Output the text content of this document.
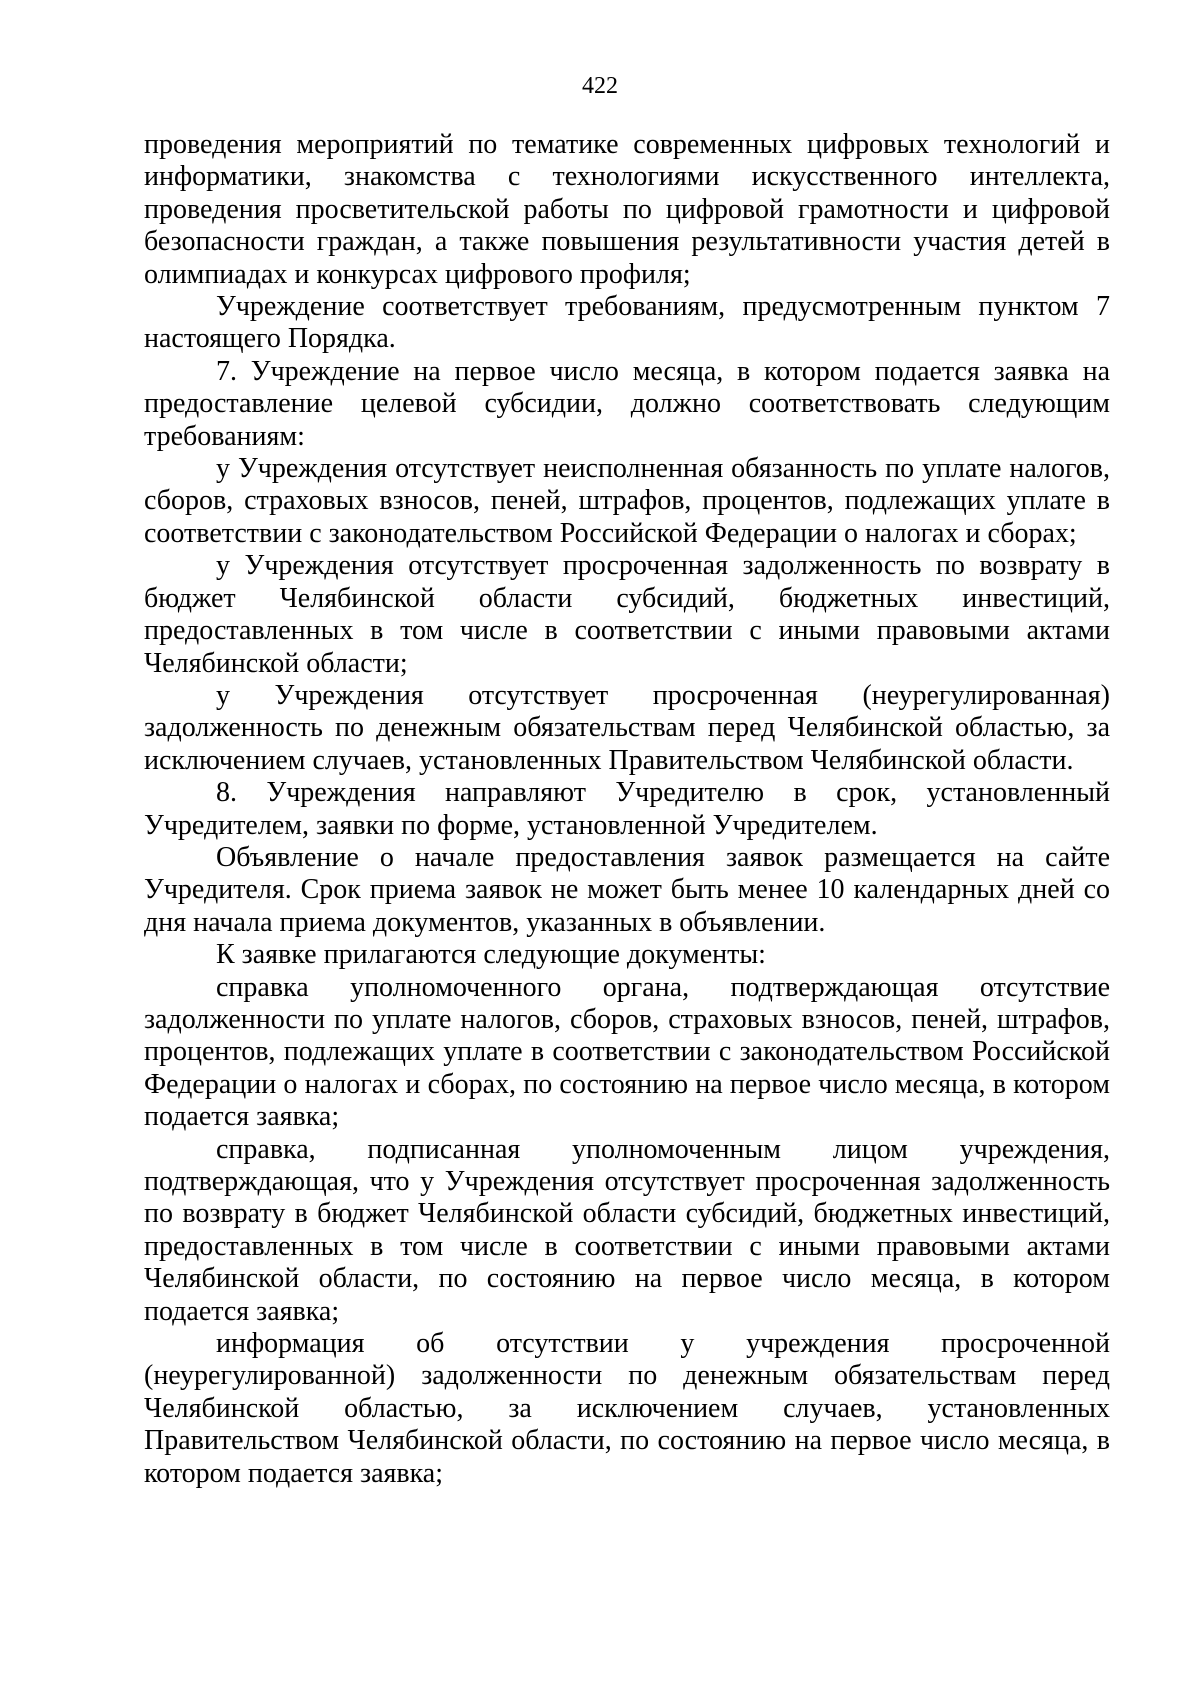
422

проведения мероприятий по тематике современных цифровых технологий и информатики, знакомства с технологиями искусственного интеллекта, проведения просветительской работы по цифровой грамотности и цифровой безопасности граждан, а также повышения результативности участия детей в олимпиадах и конкурсах цифрового профиля;

Учреждение соответствует требованиям, предусмотренным пунктом 7 настоящего Порядка.

7. Учреждение на первое число месяца, в котором подается заявка на предоставление целевой субсидии, должно соответствовать следующим требованиям:

у Учреждения отсутствует неисполненная обязанность по уплате налогов, сборов, страховых взносов, пеней, штрафов, процентов, подлежащих уплате в соответствии с законодательством Российской Федерации о налогах и сборах;

у Учреждения отсутствует просроченная задолженность по возврату в бюджет Челябинской области субсидий, бюджетных инвестиций, предоставленных в том числе в соответствии с иными правовыми актами Челябинской области;

у Учреждения отсутствует просроченная (неурегулированная) задолженность по денежным обязательствам перед Челябинской областью, за исключением случаев, установленных Правительством Челябинской области.

8. Учреждения направляют Учредителю в срок, установленный Учредителем, заявки по форме, установленной Учредителем.

Объявление о начале предоставления заявок размещается на сайте Учредителя. Срок приема заявок не может быть менее 10 календарных дней со дня начала приема документов, указанных в объявлении.

К заявке прилагаются следующие документы:

справка уполномоченного органа, подтверждающая отсутствие задолженности по уплате налогов, сборов, страховых взносов, пеней, штрафов, процентов, подлежащих уплате в соответствии с законодательством Российской Федерации о налогах и сборах, по состоянию на первое число месяца, в котором подается заявка;

справка, подписанная уполномоченным лицом учреждения, подтверждающая, что у Учреждения отсутствует просроченная задолженность по возврату в бюджет Челябинской области субсидий, бюджетных инвестиций, предоставленных в том числе в соответствии с иными правовыми актами Челябинской области, по состоянию на первое число месяца, в котором подается заявка;

информация об отсутствии у учреждения просроченной (неурегулированной) задолженности по денежным обязательствам перед Челябинской областью, за исключением случаев, установленных Правительством Челябинской области, по состоянию на первое число месяца, в котором подается заявка;
